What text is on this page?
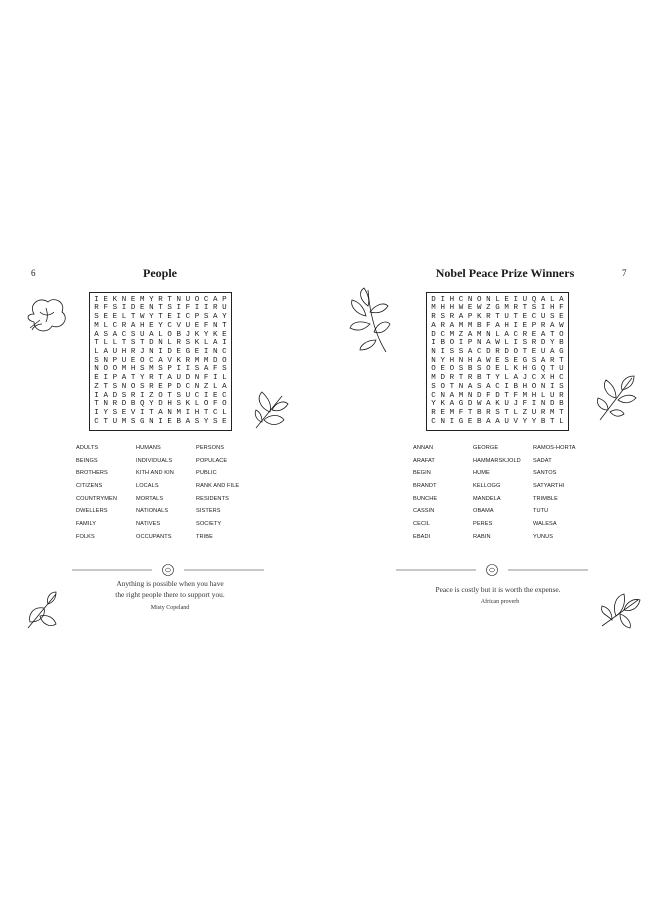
6	People
I E K N E M Y R T N U O C A P
R F S I D E N T S I F I I R U
S E E L T W Y T E I C P S A Y
M L C R A H E Y C V U E F N T
A S A C S U A L O B J K Y K E
T L L T S T D N L R S K L A I
L A U H R J N I D E G E I N C
S N P U E O C A V K R M M D O
N O O M H S M S P I I S A F S
E I P A T Y R T A U D N F I L
Z T S N O S R E P D C N Z L A
I A D S R I Z O T S U C I E C
T N R D B Q Y D H S K L O F O
I Y S E V I T A N M I H T C L
C T U M S G N I E B A S Y S E
ADULTS
BEINGS
BROTHERS
CITIZENS
COUNTRYMEN
DWELLERS
FAMILY
FOLKS
HUMANS
INDIVIDUALS
KITH AND KIN
LOCALS
MORTALS
NATIONALS
NATIVES
OCCUPANTS
PERSONS
POPULACE
PUBLIC
RANK AND FILE
RESIDENTS
SISTERS
SOCIETY
TRIBE
Anything is possible when you have
the right people there to support you.
Misty Copeland
7
Nobel Peace Prize Winners
D I H C N O N L E I U Q A L A
M H H W E W Z G M R T S I H F
R S R A P K R T U T E C U S E
A R A M M B F A H I E P R A W
D C M Z A M N L A C R E A T O
I B O I P N A W L I S R D Y B
N I S S A C D R D O T E U A G
N Y H N H A W E S E G S A R T
O E O S B S O E L K H G Q T U
M D R T R B T Y L A J C X H C
S O T N A S A C I B H O N I S
C N A M N D F D T F M H L U R
Y K A G D W A K U J F I N D B
R E M F T B R S T L Z U R M T
C N I G E B A A U V Y Y B T L
ANNAN
ARAFAT
BEGIN
BRANDT
BUNCHE
CASSIN
CECIL
EBADI
GEORGE
HAMMARSKJOLD
HUME
KELLOGG
MANDELA
OBAMA
PERES
RABIN
RAMOS-HORTA
SADAT
SANTOS
SATYARTHI
TRIMBLE
TUTU
WALESA
YUNUS
Peace is costly but it is worth the expense.
African proverb
